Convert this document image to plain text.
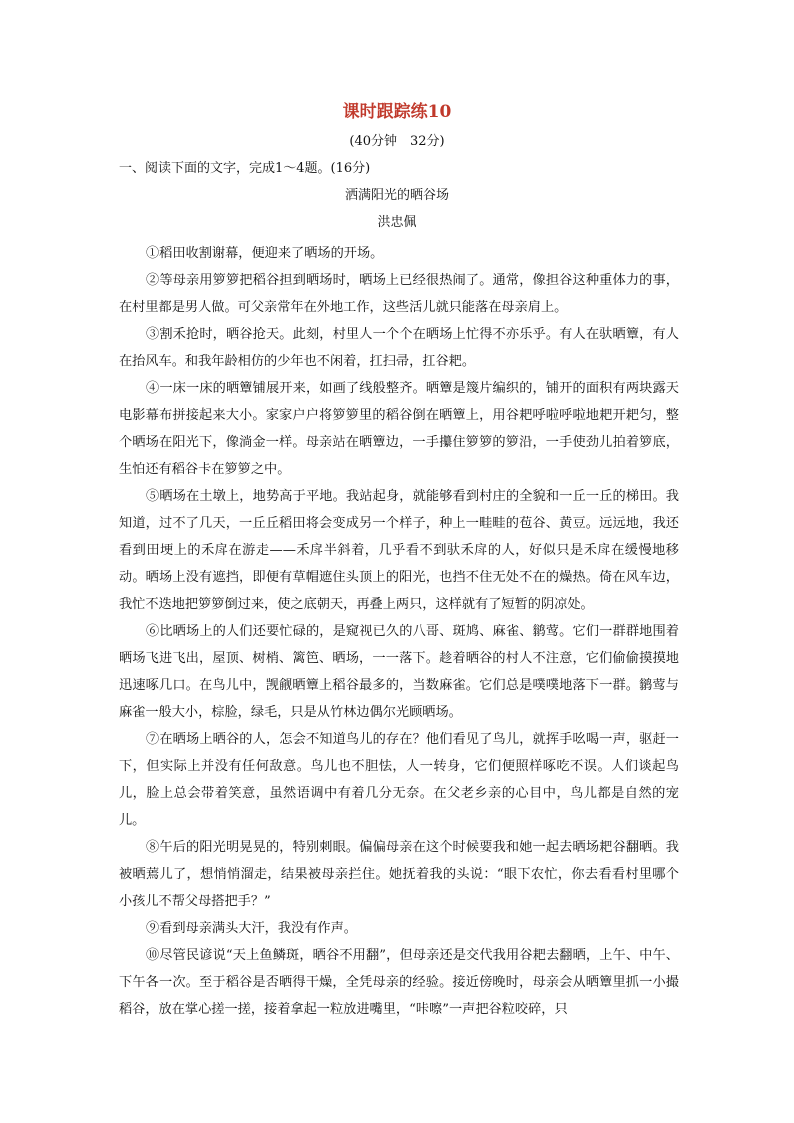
课时跟踪练10
(40分钟　32分)
一、阅读下面的文字，完成1～4题。(16分)
洒满阳光的晒谷场
洪忠佩

①稻田收割谢幕，便迎来了晒场的开场。

②等母亲用箩箩把稻谷担到晒场时，晒场上已经很热闹了。通常，像担谷这种重体力的事，在村里都是男人做。可父亲常年在外地工作，这些活儿就只能落在母亲肩上。

③割禾抢时，晒谷抢天。此刻，村里人一个个在晒场上忙得不亦乐乎。有人在驮晒簟，有人在抬风车。和我年龄相仿的少年也不闲着，扛扫帚，扛谷耙。

④一床一床的晒簟铺展开来，如画了线般整齐。晒簟是篾片编织的，铺开的面积有两块露天电影幕布拼接起来大小。家家户户将箩箩里的稻谷倒在晒簟上，用谷耙呼啦呼啦地耙开耙匀，整个晒场在阳光下，像淌金一样。母亲站在晒簟边，一手攥住箩箩的箩沿，一手使劲儿拍着箩底，生怕还有稻谷卡在箩箩之中。

⑤晒场在土墩上，地势高于平地。我站起身，就能够看到村庄的全貌和一丘一丘的梯田。我知道，过不了几天，一丘丘稻田将会变成另一个样子，种上一畦畦的苞谷、黄豆。远远地，我还看到田埂上的禾戽在游走——禾戽半斜着，几乎看不到驮禾戽的人，好似只是禾戽在缓慢地移动。晒场上没有遮挡，即便有草帽遮住头顶上的阳光，也挡不住无处不在的燥热。倚在风车边，我忙不迭地把箩箩倒过来，使之底朝天，再叠上两只，这样就有了短暂的阴凉处。

⑥比晒场上的人们还要忙碌的，是窥视已久的八哥、斑鸠、麻雀、鹟莺。它们一群群地围着晒场飞进飞出，屋顶、树梢、篱笆、晒场，一一落下。趁着晒谷的村人不注意，它们偷偷摸摸地迅速啄几口。在鸟儿中，觊觎晒簟上稻谷最多的，当数麻雀。它们总是噗噗地落下一群。鹟莺与麻雀一般大小，棕脸，绿毛，只是从竹林边偶尔光顾晒场。

⑦在晒场上晒谷的人，怎会不知道鸟儿的存在？他们看见了鸟儿，就挥手吆喝一声，驱赶一下，但实际上并没有任何敌意。鸟儿也不胆怯，人一转身，它们便照样啄吃不误。人们谈起鸟儿，脸上总会带着笑意，虽然语调中有着几分无奈。在父老乡亲的心目中，鸟儿都是自然的宠儿。

⑧午后的阳光明晃晃的，特别刺眼。偏偏母亲在这个时候要我和她一起去晒场耙谷翻晒。我被晒蔫儿了，想悄悄溜走，结果被母亲拦住。她抚着我的头说：“眼下农忙，你去看看村里哪个小孩儿不帮父母搭把手？”

⑨看到母亲满头大汗，我没有作声。

⑩尽管民谚说“天上鱼鳞斑，晒谷不用翻”，但母亲还是交代我用谷耙去翻晒，上午、中午、下午各一次。至于稻谷是否晒得干燥，全凭母亲的经验。接近傍晚时，母亲会从晒簟里抓一小撮稻谷，放在掌心搓一搓，接着拿起一粒放进嘴里，“咔嚓”一声把谷粒咬碎，只
